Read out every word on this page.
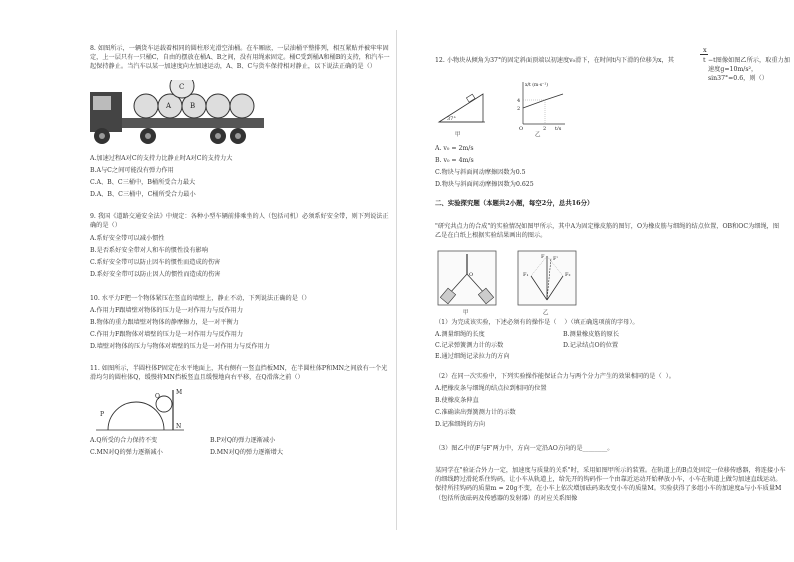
8. 如图所示，一辆货车运载着相同的圆柱形光滑空油桶。在车厢底，一层油桶平整排列，相互紧贴并被牢牢固定，上一层只有一只桶C，自由的摆放在桶A、B之间，没有用绳索固定。桶C受到桶A和桶B的支持，和汽车一起保持静止。当汽车以某一加速度向左加速运动，A、B、C与货车保持相对静止，以下说法正确的是（）
A	B
C
A.加速过程A对C的支持力比静止时A对C的支持力大
B.A与C之间可能没有弹力作用
C.A、B、C三桶中，B桶所受合力最大
D.A、B、C三桶中，C桶所受合力最小
9. 我国《道路交通安全法》中规定：各种小型车辆前排乘坐的人（包括司机）必须系好安全带，则下列说法正确的是（）
A.系好安全带可以减小惯性
B.是否系好安全带对人和车的惯性没有影响
C.系好安全带可以防止因车的惯性而造成的伤害
D.系好安全带可以防止因人的惯性而造成的伤害
10. 水平力F把一个物体紧压在竖直的墙壁上，静止不动，下列说法正确的是（）
A.作用力F跟墙壁对物体的压力是一对作用力与反作用力
B.物体的重力跟墙壁对物体的静摩擦力，是一对平衡力
C.作用力F跟物体对墙壁的压力是一对作用力与反作用力
D.墙壁对物体的压力与物体对墙壁的压力是一对作用力与反作用力
11. 如图所示，半圆柱体P固定在水平地面上，其右侧有一竖直挡板MN，在半圆柱体P和MN之间放有一个光滑均匀的圆柱体Q，缓慢将MN挡板竖直且缓慢地向右平移，在Q滑落之前（）
P
Q
M
N
A.Q所受的合力保持不变	B.P对Q的弹力逐渐减小
C.MN对Q的弹力逐渐减小	D.MN对Q的弹力逐渐增大
12. 小物块从倾角为37°的固定斜面顶端以初速度v₀滑下，在时间t内下滑的位移为x，其
x
t −t图像如图乙所示，取重力加速度g=10m/s²，sin37°=0.6，则（）
37°
甲
4
2
O	2 t/s
x/t (m·s⁻¹)
乙
A. v₀ = 2m/s
B. v₀ = 4m/s
C.物块与斜面间动摩擦因数为0.5
D.物块与斜面间动摩擦因数为0.625
二、实验探究题（本题共2小题，每空2分，总共16分）
"研究共点力的合成"的实验情况如图甲所示，其中A为固定橡皮筋的图钉，O为橡皮筋与细绳的结点位置，OB和OC为细绳，图乙是在白纸上根据实验结果画出的图示。
O
甲
F₁	F₂
F F'
乙
（1）为完成该实验，下述必须有的操作是（    ）（填正确选项前的字母）。
A.测量细绳的长度	B.测量橡皮筋的原长
C.记录弹簧测力计的示数	D.记录结点O的位置
E.通过细绳记录拉力的方向
（2）在同一次实验中，下列实验操作能保证合力与两个分力产生的效果相同的是（  ）。
A.把橡皮条与细绳的结点拉到相同的位置
B.使橡皮条伸直
C.准确读出弹簧测力计的示数
D.记准细绳的方向
（3）图乙中的F与F'两力中，方向一定沿AO方向的是________。
某同学在"验证合外力一定，加速度与质量的关系"时，采用如图甲所示的装置。在轨道上的B点处固定一位移传感器，将连接小车的细线跨过滑轮系住钩码，让小车从轨道上，给先开的钩码作一个由靠近运动开始释放小车，小车在轨道上做匀加速直线运动。保持所挂钩码的质量m = 20g不变，在小车上依次增加砝码来改变小车的质量M。实验获得了多组小车的加速度a与小车质量M（包括所放砝码及传感器的发射器）的对应关系图像
